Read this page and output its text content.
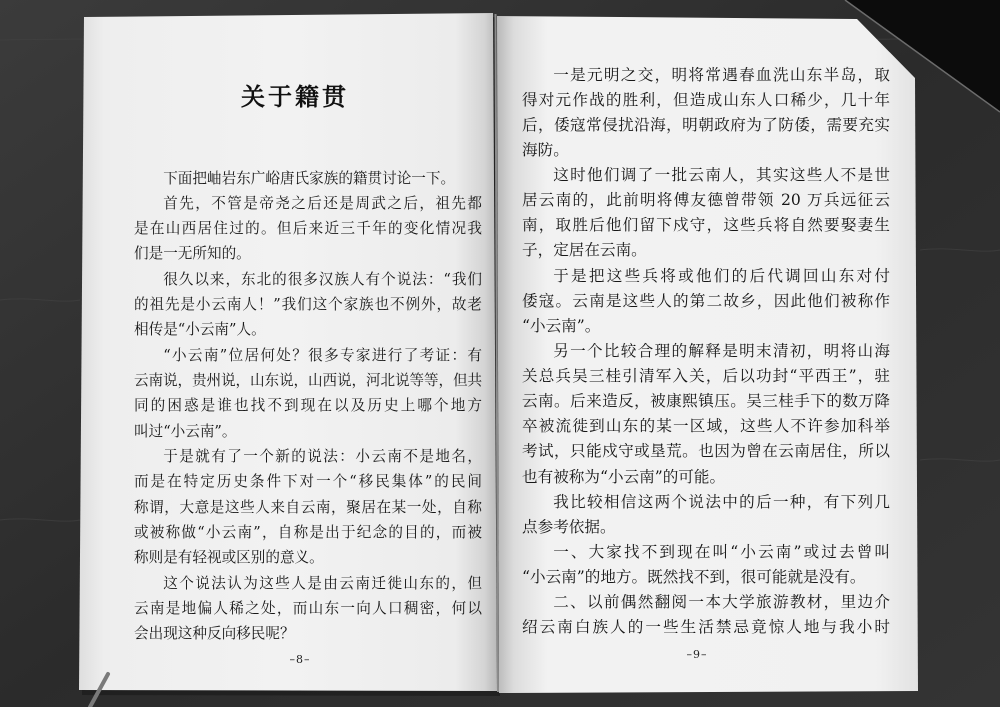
关于籍贯
下面把岫岩东广峪唐氏家族的籍贯讨论一下。
首先，不管是帝尧之后还是周武之后，祖先都
是在山西居住过的。但后来近三千年的变化情况我
们是一无所知的。
很久以来，东北的很多汉族人有个说法：“我们
的祖先是小云南人！”我们这个家族也不例外，故老
相传是“小云南”人。
“小云南”位居何处？很多专家进行了考证：有
云南说，贵州说，山东说，山西说，河北说等等，但共
同的困惑是谁也找不到现在以及历史上哪个地方
叫过“小云南”。
于是就有了一个新的说法：小云南不是地名，
而是在特定历史条件下对一个“移民集体”的民间
称谓，大意是这些人来自云南，聚居在某一处，自称
或被称做“小云南”，自称是出于纪念的目的，而被
称则是有轻视或区别的意义。
这个说法认为这些人是由云南迁徙山东的，但
云南是地偏人稀之处，而山东一向人口稠密，何以
会出现这种反向移民呢？
–8–
一是元明之交，明将常遇春血洗山东半岛，取
得对元作战的胜利，但造成山东人口稀少，几十年
后，倭寇常侵扰沿海，明朝政府为了防倭，需要充实
海防。
这时他们调了一批云南人，其实这些人不是世
居云南的，此前明将傅友德曾带领 20 万兵远征云
南，取胜后他们留下戍守，这些兵将自然要娶妻生
子，定居在云南。
于是把这些兵将或他们的后代调回山东对付
倭寇。云南是这些人的第二故乡，因此他们被称作
“小云南”。
另一个比较合理的解释是明末清初，明将山海
关总兵吴三桂引清军入关，后以功封“平西王”，驻
云南。后来造反，被康熙镇压。吴三桂手下的数万降
卒被流徙到山东的某一区域，这些人不许参加科举
考试，只能戍守或垦荒。也因为曾在云南居住，所以
也有被称为“小云南”的可能。
我比较相信这两个说法中的后一种，有下列几
点参考依据。
一、大家找不到现在叫“小云南”或过去曾叫
“小云南”的地方。既然找不到，很可能就是没有。
二、以前偶然翻阅一本大学旅游教材，里边介
绍云南白族人的一些生活禁忌竟惊人地与我小时
–9–
